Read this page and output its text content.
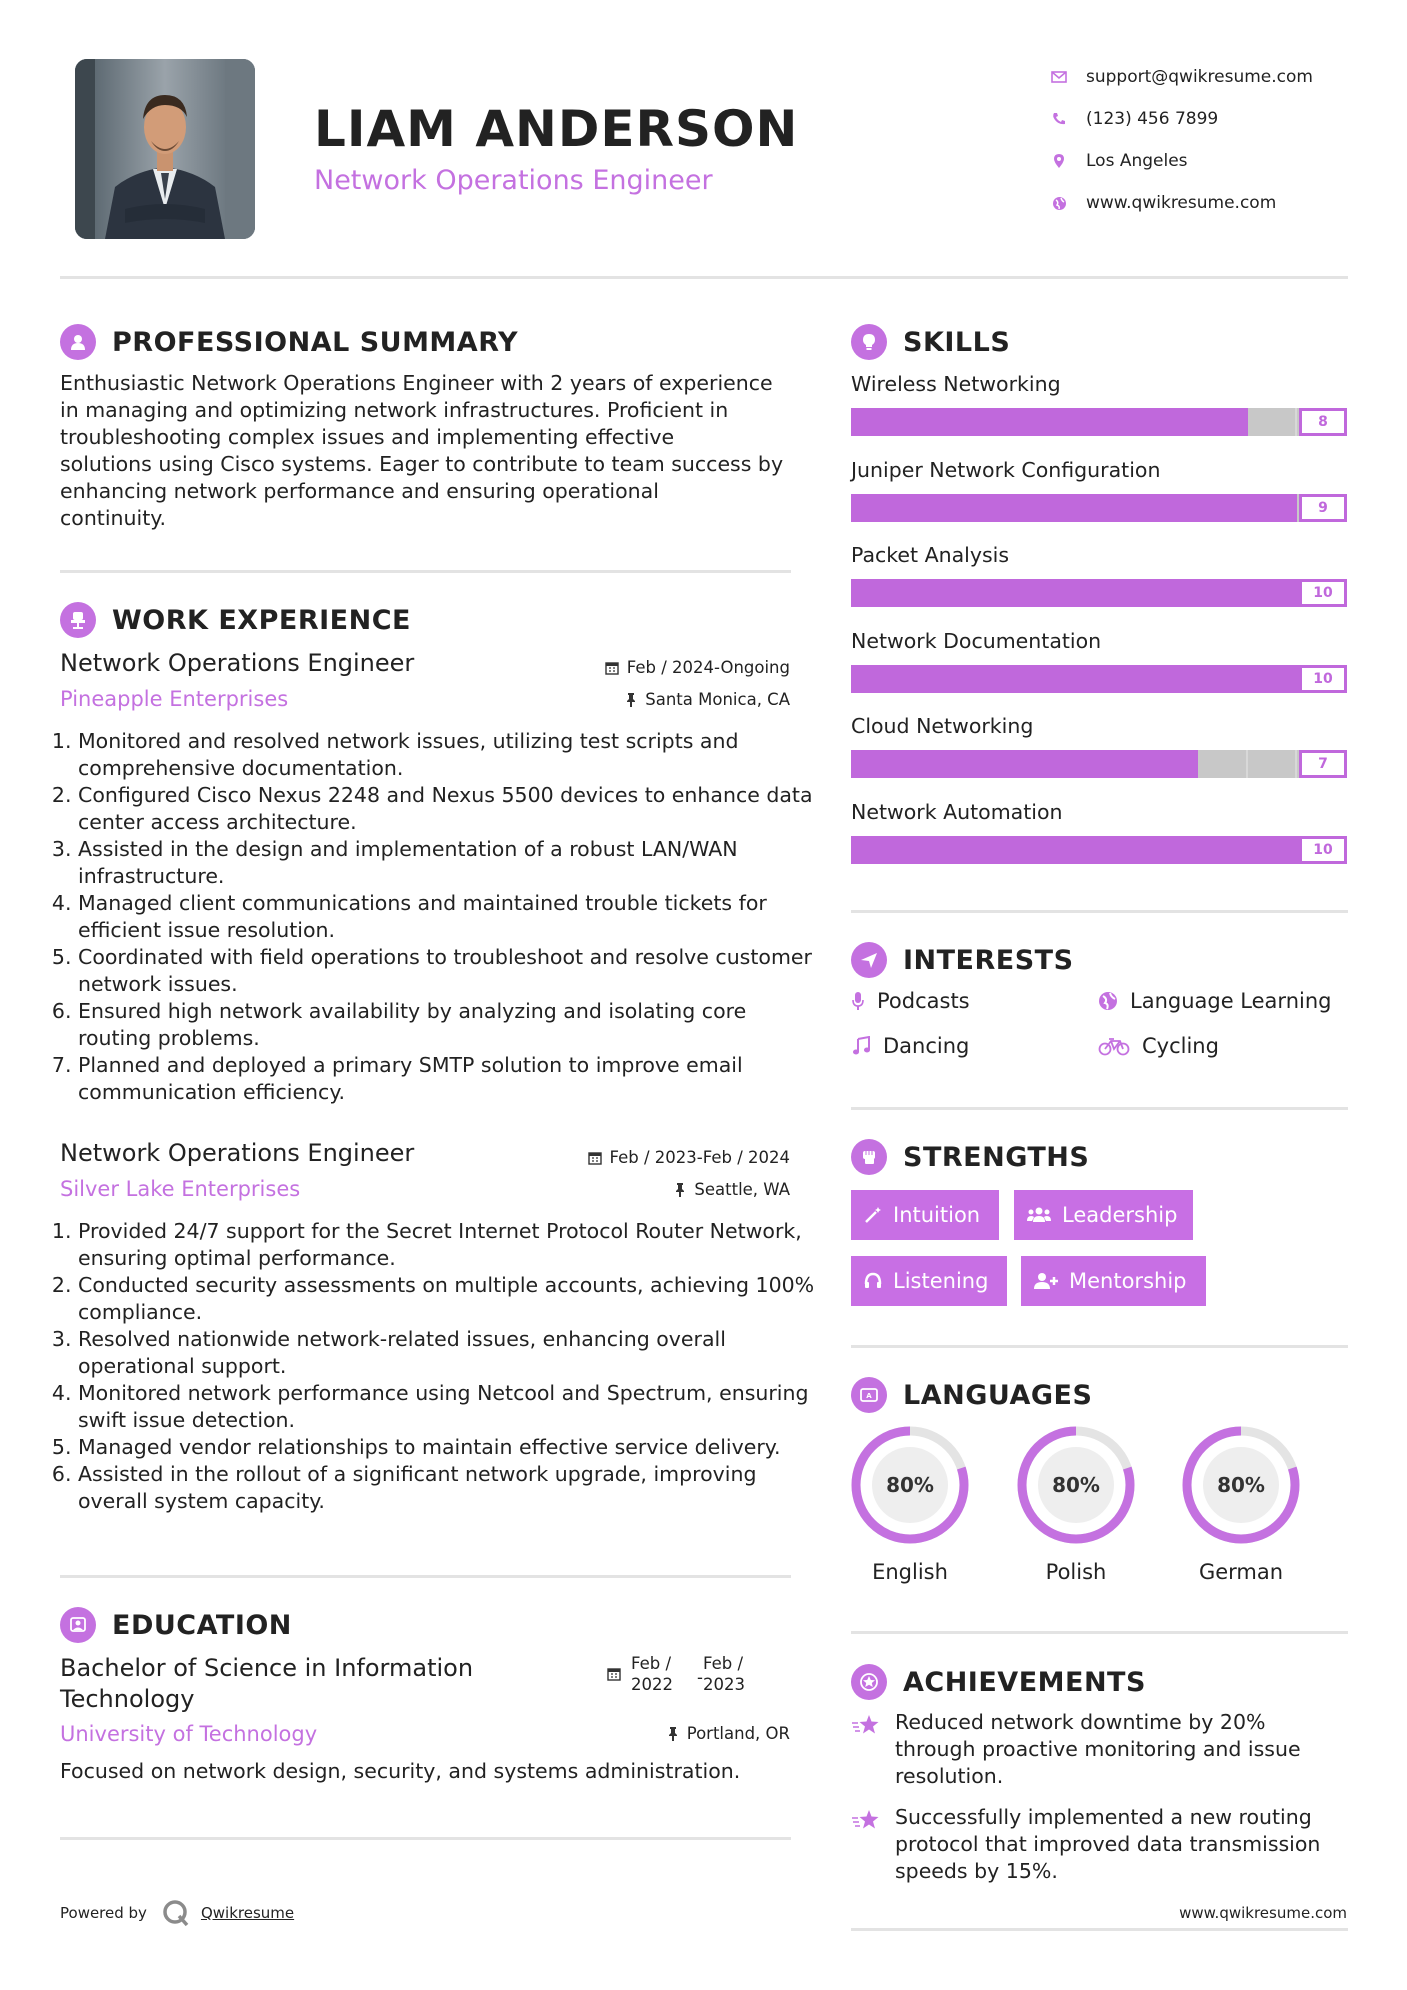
LIAM ANDERSON

Network Operations Engineer

support@qwikresume.com
(123) 456 7899
Los Angeles
www.qwikresume.com
PROFESSIONAL SUMMARY
Enthusiastic Network Operations Engineer with 2 years of experience
in managing and optimizing network infrastructures. Proficient in
troubleshooting complex issues and implementing effective
solutions using Cisco systems. Eager to contribute to team success by
enhancing network performance and ensuring operational
continuity.
WORK EXPERIENCE
Network Operations Engineer	Feb / 2024-Ongoing
Pineapple Enterprises	Santa Monica, CA
1. Monitored and resolved network issues, utilizing test scripts and comprehensive documentation.
2. Configured Cisco Nexus 2248 and Nexus 5500 devices to enhance data center access architecture.
3. Assisted in the design and implementation of a robust LAN/WAN infrastructure.
4. Managed client communications and maintained trouble tickets for efficient issue resolution.
5. Coordinated with field operations to troubleshoot and resolve customer network issues.
6. Ensured high network availability by analyzing and isolating core routing problems.
7. Planned and deployed a primary SMTP solution to improve email communication efficiency.
Network Operations Engineer	Feb / 2023-Feb / 2024
Silver Lake Enterprises	Seattle, WA
1. Provided 24/7 support for the Secret Internet Protocol Router Network, ensuring optimal performance.
2. Conducted security assessments on multiple accounts, achieving 100% compliance.
3. Resolved nationwide network-related issues, enhancing overall operational support.
4. Monitored network performance using Netcool and Spectrum, ensuring swift issue detection.
5. Managed vendor relationships to maintain effective service delivery.
6. Assisted in the rollout of a significant network upgrade, improving overall system capacity.
EDUCATION
Bachelor of Science in Information
Technology
Feb /
2022
Feb /
- 2023
University of Technology	Portland, OR
Focused on network design, security, and systems administration.
SKILLS
Wireless Networking
8
Juniper Network Configuration
9
Packet Analysis
10
Network Documentation
10
Cloud Networking
7
Network Automation
10
INTERESTS
Podcasts	Language Learning
Dancing	Cycling
STRENGTHS
Intuition	Leadership
Listening	Mentorship
A LANGUAGES
80%
English
80%
Polish
80%
German
ACHIEVEMENTS
Reduced network downtime by 20%
through proactive monitoring and issue
resolution.
Successfully implemented a new routing
protocol that improved data transmission
speeds by 15%.
Powered by	Qwikresume	www.qwikresume.com
